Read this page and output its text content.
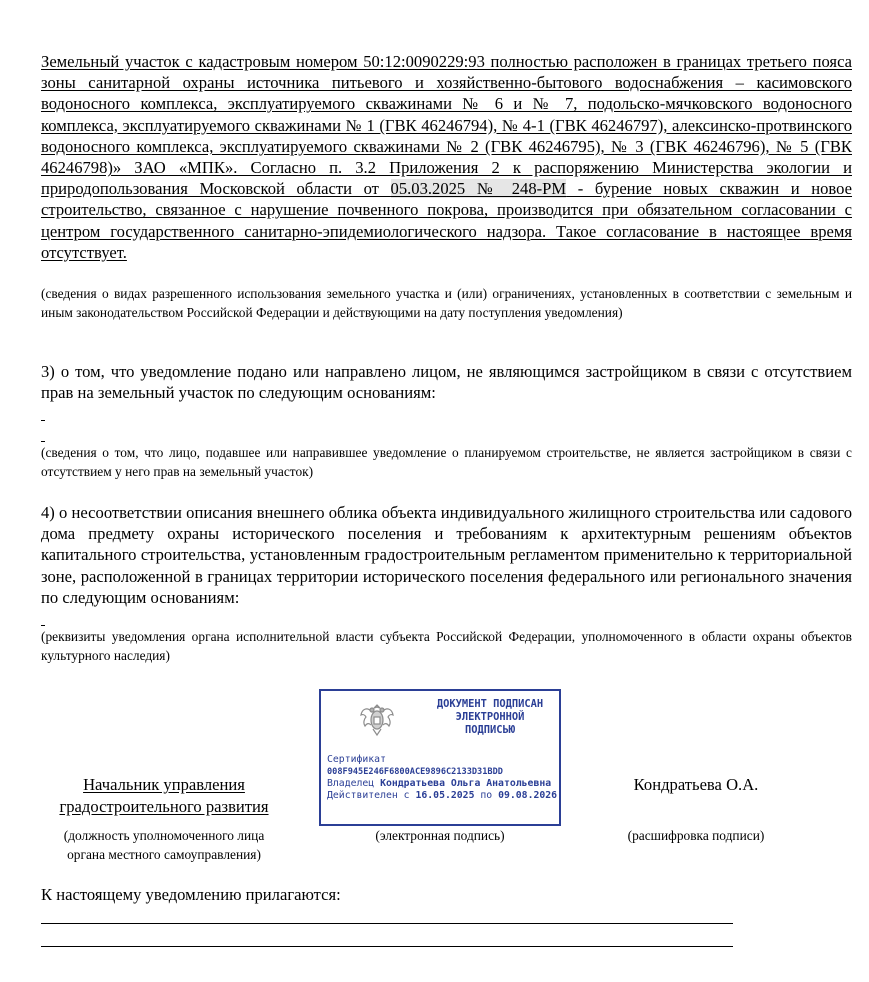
Земельный участок с кадастровым номером 50:12:0090229:93 полностью расположен в границах третьего пояса зоны санитарной охраны источника питьевого и хозяйственно-бытового водоснабжения – касимовского водоносного комплекса, эксплуатируемого скважинами № 6 и № 7, подольско-мячковского водоносного комплекса, эксплуатируемого скважинами № 1 (ГВК 46246794), № 4-1 (ГВК 46246797), алексинско-протвинского водоносного комплекса, эксплуатируемого скважинами № 2 (ГВК 46246795), № 3 (ГВК 46246796), № 5 (ГВК 46246798)» ЗАО «МПК». Согласно п. 3.2 Приложения 2 к распоряжению Министерства экологии и природопользования Московской области от 05.03.2025 № 248-РМ - бурение новых скважин и новое строительство, связанное с нарушение почвенного покрова, производится при обязательном согласовании с центром государственного санитарно-эпидемиологического надзора. Такое согласование в настоящее время отсутствует.
(сведения о видах разрешенного использования земельного участка и (или) ограничениях, установленных в соответствии с земельным и иным законодательством Российской Федерации и действующими на дату поступления уведомления)
3) о том, что уведомление подано или направлено лицом, не являющимся застройщиком в связи с отсутствием прав на земельный участок по следующим основаниям:
(сведения о том, что лицо, подавшее или направившее уведомление о планируемом строительстве, не является застройщиком в связи с отсутствием у него прав на земельный участок)
4) о несоответствии описания внешнего облика объекта индивидуального жилищного строительства или садового дома предмету охраны исторического поселения и требованиям к архитектурным решениям объектов капитального строительства, установленным градостроительным регламентом применительно к территориальной зоне, расположенной в границах территории исторического поселения федерального или регионального значения по следующим основаниям:
(реквизиты уведомления органа исполнительной власти субъекта Российской Федерации, уполномоченного в области охраны объектов культурного наследия)
Начальник управления
градостроительного развития
(должность уполномоченного лица
органа местного самоуправления)
ДОКУМЕНТ ПОДПИСАН
ЭЛЕКТРОННОЙ
ПОДПИСЬЮ
Сертификат
008F945E246F6800ACE9896C2133D31BDD
Владелец Кондратьева Ольга Анатольевна
Действителен с 16.05.2025 по 09.08.2026
(электронная подпись)
Кондратьева О.А.
(расшифровка подписи)
К настоящему уведомлению прилагаются:
